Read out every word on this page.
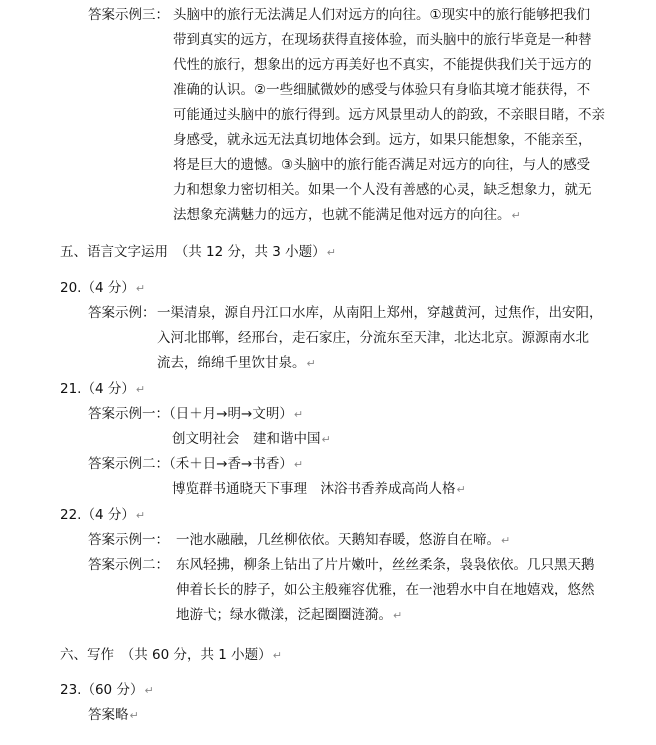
答案示例三： 头脑中的旅行无法满足人们对远方的向往。①现实中的旅行能够把我们
带到真实的远方，在现场获得直接体验，而头脑中的旅行毕竟是一种替
代性的旅行，想象出的远方再美好也不真实，不能提供我们关于远方的
准确的认识。②一些细腻微妙的感受与体验只有身临其境才能获得，不
可能通过头脑中的旅行得到。远方风景里动人的韵致，不亲眼目睹，不亲
身感受，就永远无法真切地体会到。远方，如果只能想象，不能亲至，
将是巨大的遗憾。③头脑中的旅行能否满足对远方的向往，与人的感受
力和想象力密切相关。如果一个人没有善感的心灵，缺乏想象力，就无
法想象充满魅力的远方，也就不能满足他对远方的向往。↵
五、语言文字运用　（共 12 分，共 3 小题）↵
20.（4 分）↵
答案示例： 一渠清泉，源自丹江口水库，从南阳上郑州，穿越黄河，过焦作，出安阳，
入河北邯郸，经邢台，走石家庄，分流东至天津，北达北京。源源南水北
流去，绵绵千里饮甘泉。↵
21.（4 分）↵
答案示例一：（日＋月→明→文明）↵
创文明社会　建和谐中国↵
答案示例二：（禾＋日→香→书香）↵
博览群书通晓天下事理　沐浴书香养成高尚人格↵
22.（4 分）↵
答案示例一： 一池水融融，几丝柳依依。天鹅知春暖，悠游自在啼。↵
答案示例二： 东风轻拂，柳条上钻出了片片嫩叶，丝丝柔条，袅袅依依。几只黑天鹅
伸着长长的脖子，如公主般雍容优雅，在一池碧水中自在地嬉戏，悠然
地游弋；绿水微漾，泛起圈圈涟漪。↵
六、写作　（共 60 分，共 1 小题）↵
23.（60 分）↵
答案略↵
